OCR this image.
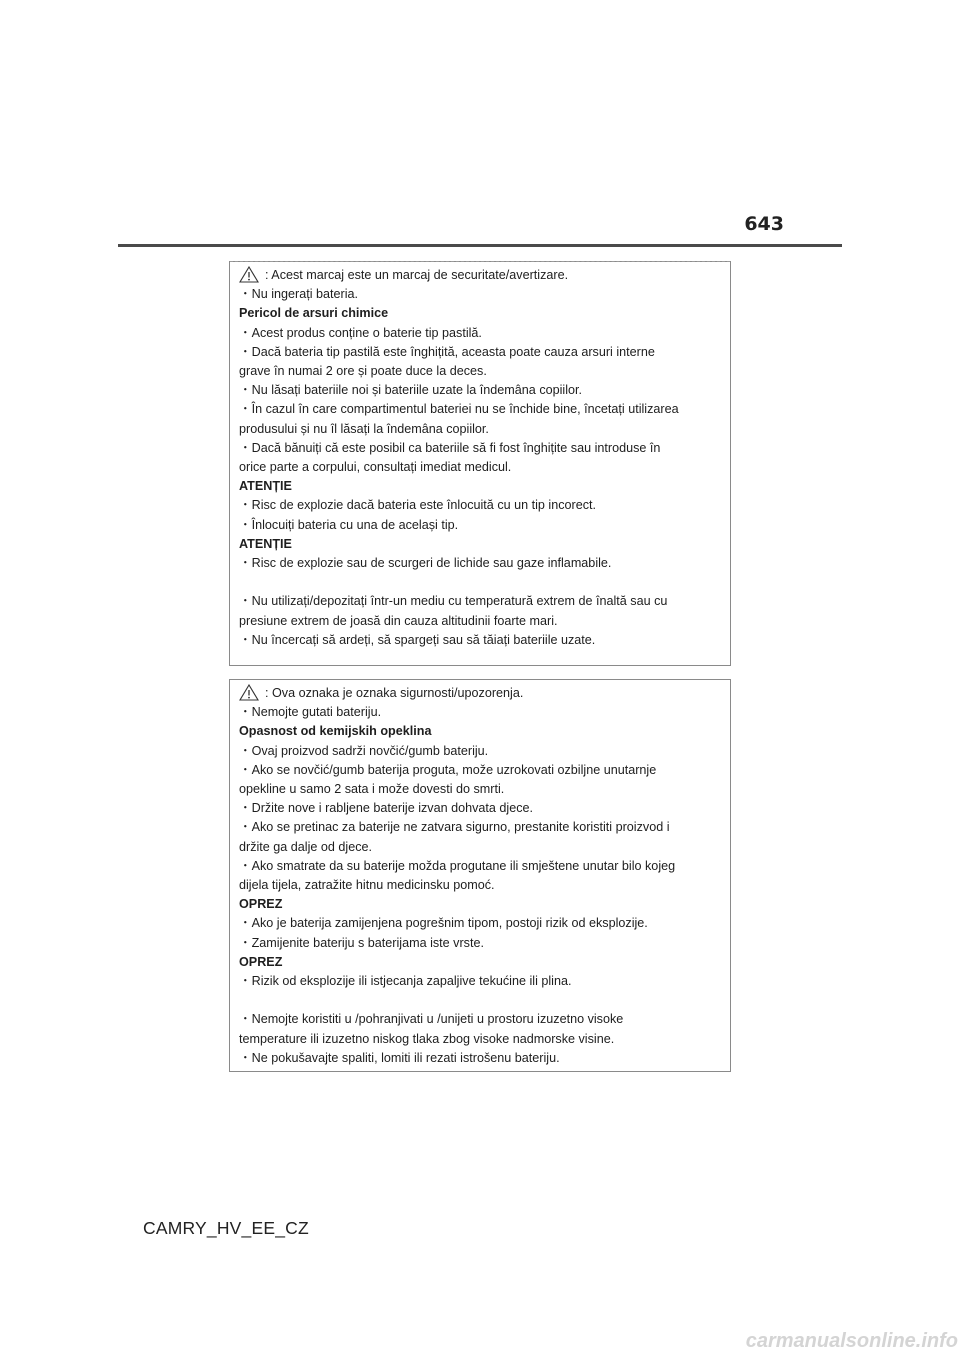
643
: Acest marcaj este un marcaj de securitate/avertizare.
・Nu ingerați bateria.
Pericol de arsuri chimice
・Acest produs conține o baterie tip pastilă.
・Dacă bateria tip pastilă este înghițită, aceasta poate cauza arsuri interne
grave în numai 2 ore și poate duce la deces.
・Nu lăsați bateriile noi și bateriile uzate la îndemâna copiilor.
・În cazul în care compartimentul bateriei nu se închide bine, încetați utilizarea
produsului și nu îl lăsați la îndemâna copiilor.
・Dacă bănuiți că este posibil ca bateriile să fi fost înghițite sau introduse în
orice parte a corpului, consultați imediat medicul.
ATENȚIE
・Risc de explozie dacă bateria este înlocuită cu un tip incorect.
・Înlocuiți bateria cu una de același tip.
ATENȚIE
・Risc de explozie sau de scurgeri de lichide sau gaze inflamabile.
・Nu utilizați/depozitați într-un mediu cu temperatură extrem de înaltă sau cu
presiune extrem de joasă din cauza altitudinii foarte mari.
・Nu încercați să ardeți, să spargeți sau să tăiați bateriile uzate.
: Ova oznaka je oznaka sigurnosti/upozorenja.
・Nemojte gutati bateriju.
Opasnost od kemijskih opeklina
・Ovaj proizvod sadrži novčić/gumb bateriju.
・Ako se novčić/gumb baterija proguta, može uzrokovati ozbiljne unutarnje
opekline u samo 2 sata i može dovesti do smrti.
・Držite nove i rabljene baterije izvan dohvata djece.
・Ako se pretinac za baterije ne zatvara sigurno, prestanite koristiti proizvod i
držite ga dalje od djece.
・Ako smatrate da su baterije možda progutane ili smještene unutar bilo kojeg
dijela tijela, zatražite hitnu medicinsku pomoć.
OPREZ
・Ako je baterija zamijenjena pogrešnim tipom, postoji rizik od eksplozije.
・Zamijenite bateriju s baterijama iste vrste.
OPREZ
・Rizik od eksplozije ili istjecanja zapaljive tekućine ili plina.
・Nemojte koristiti u /pohranjivati u /unijeti u prostoru izuzetno visoke
temperature ili izuzetno niskog tlaka zbog visoke nadmorske visine.
・Ne pokušavajte spaliti, lomiti ili rezati istrošenu bateriju.
CAMRY_HV_EE_CZ
carmanualsonline.info
